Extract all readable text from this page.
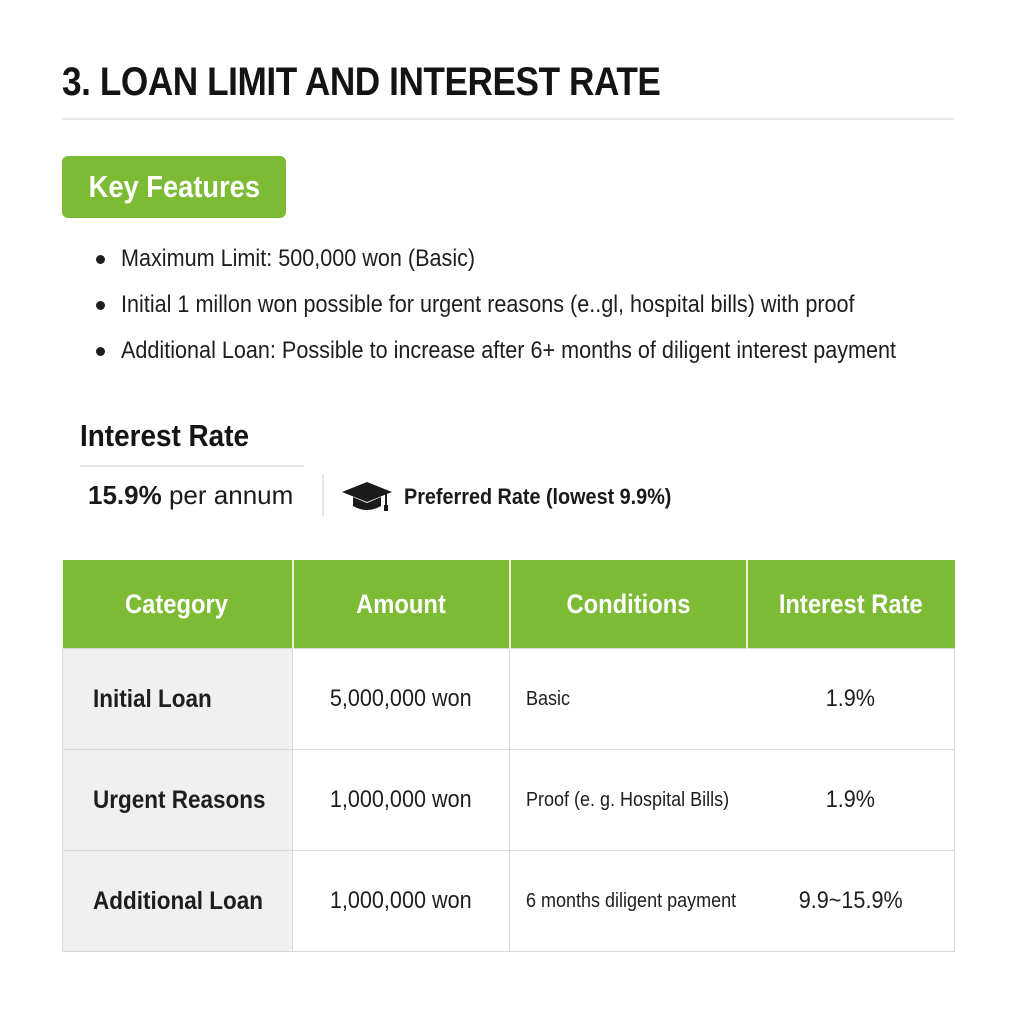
3. LOAN LIMIT AND INTEREST RATE
Key Features
Maximum Limit: 500,000 won (Basic)
Initial 1 millon won possible for urgent reasons (e..gl, hospital bills) with proof
Additional Loan: Possible to increase after 6+ months of diligent interest payment
Interest Rate
15.9% per annum	Preferred Rate (lowest 9.9%)
Category	Amount	Conditions	Interest Rate
Initial Loan	5,000,000 won	Basic	1.9%
Urgent Reasons	1,000,000 won	Proof (e. g. Hospital Bills)	1.9%
Additional Loan	1,000,000 won	6 months diligent payment	9.9~15.9%
